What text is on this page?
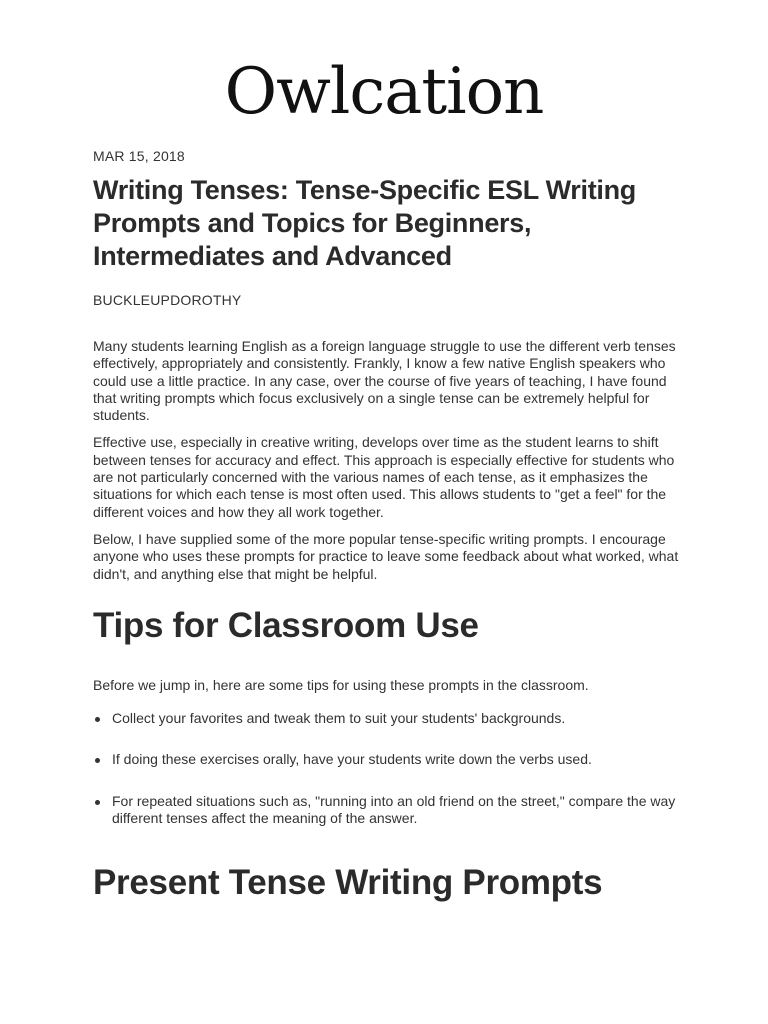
Owlcation
MAR 15, 2018
Writing Tenses: Tense-Specific ESL Writing Prompts and Topics for Beginners, Intermediates and Advanced
BUCKLEUPDOROTHY

Many students learning English as a foreign language struggle to use the different verb tenses effectively, appropriately and consistently. Frankly, I know a few native English speakers who could use a little practice. In any case, over the course of five years of teaching, I have found that writing prompts which focus exclusively on a single tense can be extremely helpful for students.

Effective use, especially in creative writing, develops over time as the student learns to shift between tenses for accuracy and effect. This approach is especially effective for students who are not particularly concerned with the various names of each tense, as it emphasizes the situations for which each tense is most often used. This allows students to "get a feel" for the different voices and how they all work together.

Below, I have supplied some of the more popular tense-specific writing prompts. I encourage anyone who uses these prompts for practice to leave some feedback about what worked, what didn't, and anything else that might be helpful.

Tips for Classroom Use
Before we jump in, here are some tips for using these prompts in the classroom.
Collect your favorites and tweak them to suit your students' backgrounds.
If doing these exercises orally, have your students write down the verbs used.
For repeated situations such as, "running into an old friend on the street," compare the way different tenses affect the meaning of the answer.
Present Tense Writing Prompts
